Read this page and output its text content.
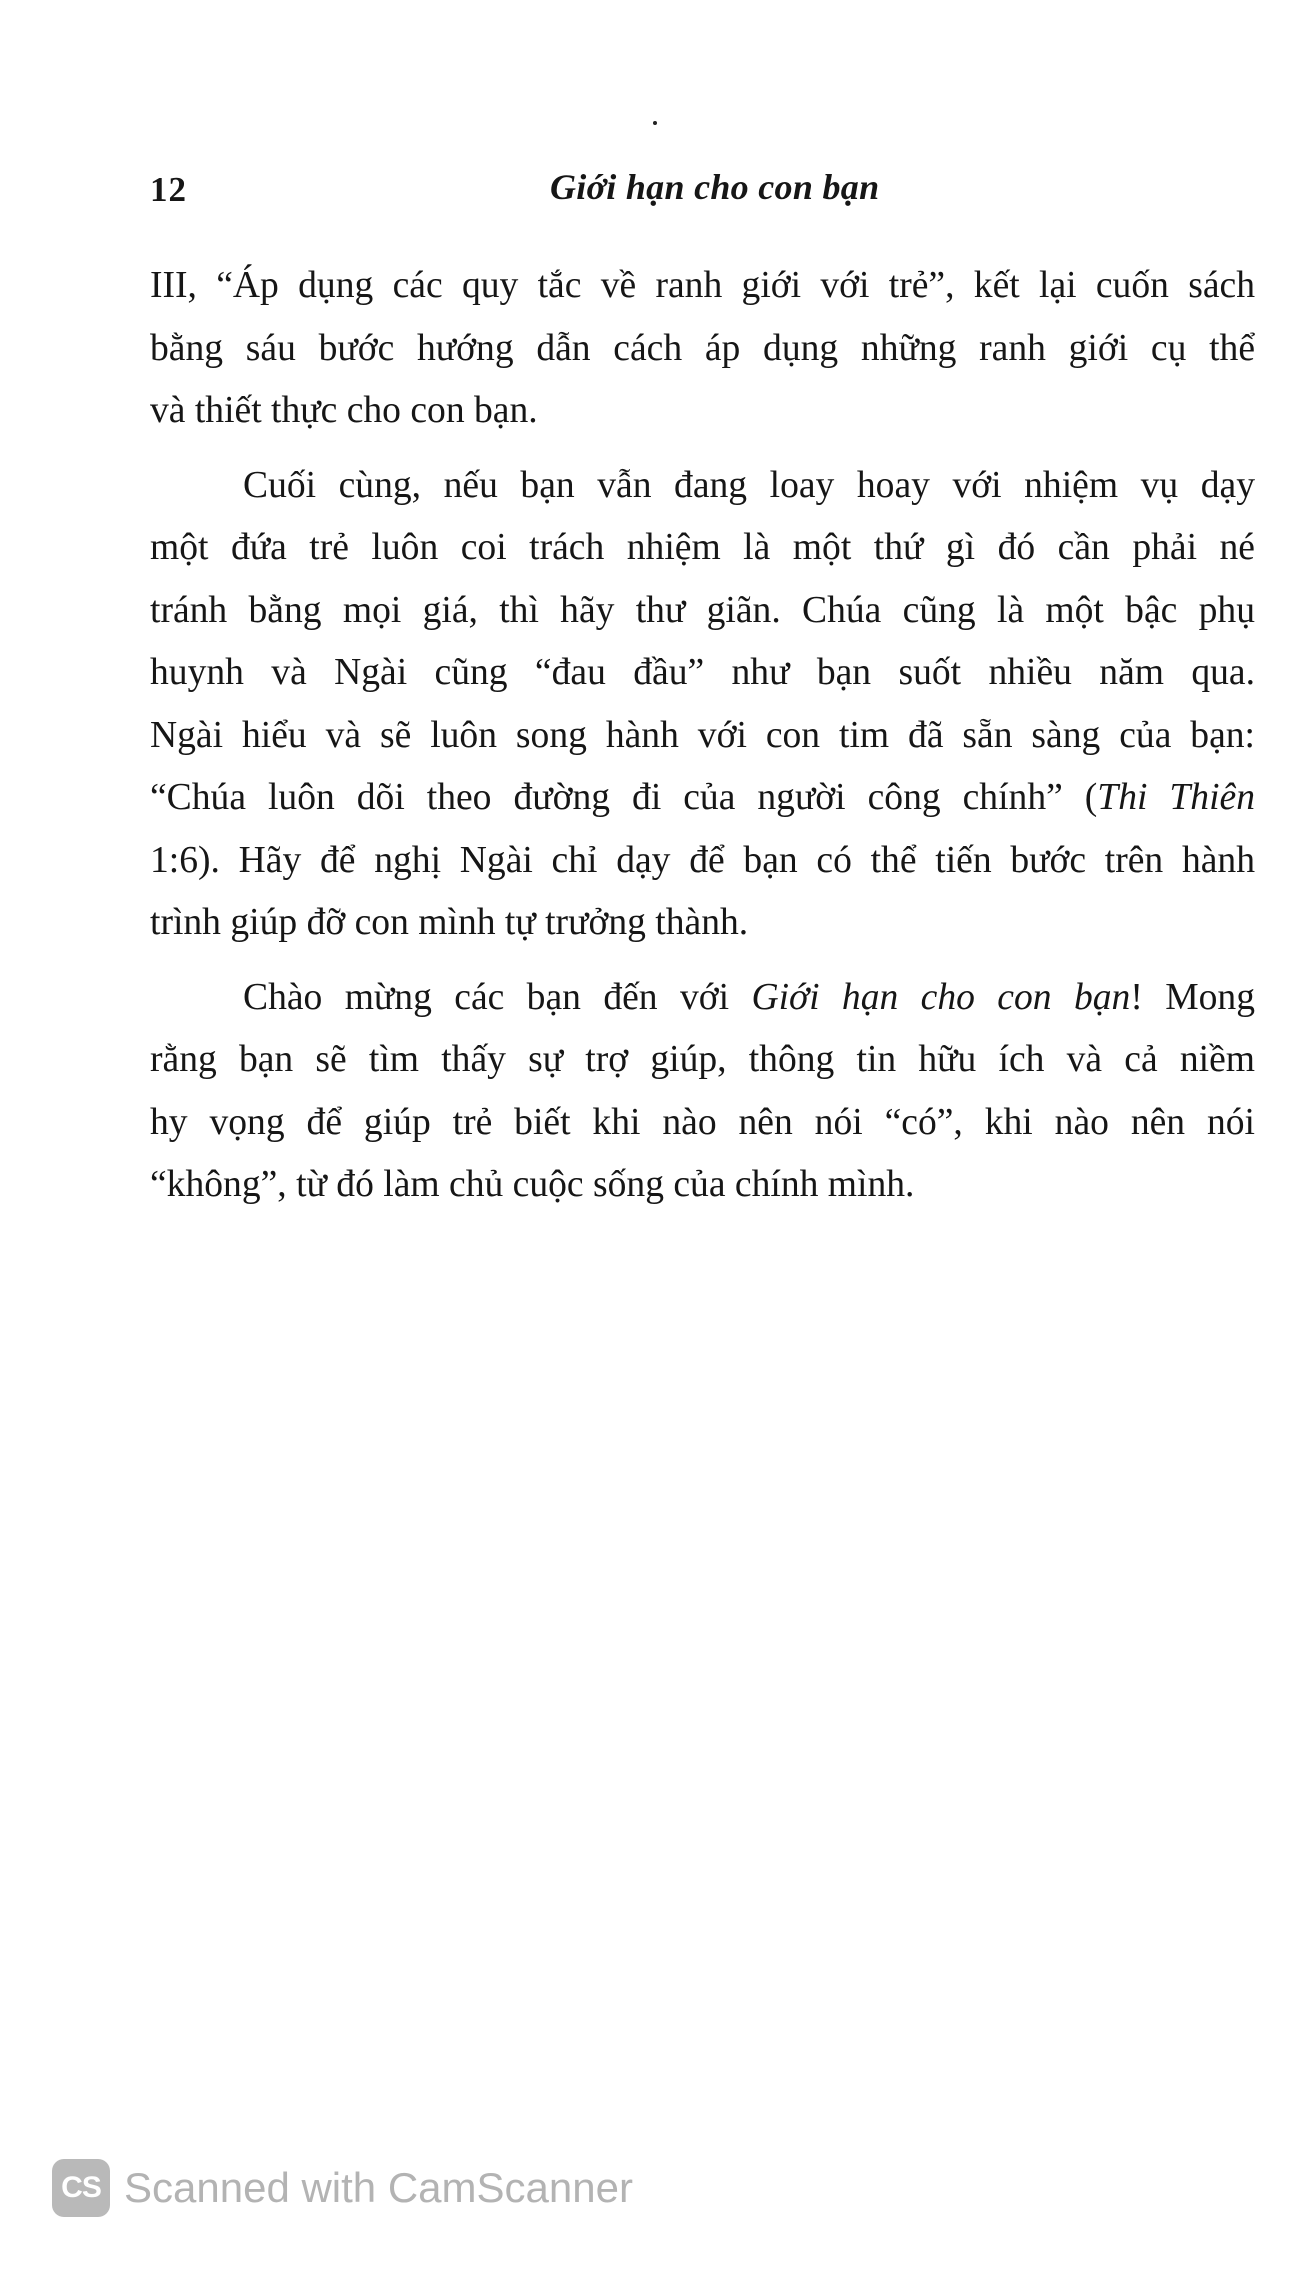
12	Giới hạn cho con bạn

III, “Áp dụng các quy tắc về ranh giới với trẻ”, kết lại cuốn sách
bằng sáu bước hướng dẫn cách áp dụng những ranh giới cụ thể
và thiết thực cho con bạn.

Cuối cùng, nếu bạn vẫn đang loay hoay với nhiệm vụ dạy
một đứa trẻ luôn coi trách nhiệm là một thứ gì đó cần phải né
tránh bằng mọi giá, thì hãy thư giãn. Chúa cũng là một bậc phụ
huynh và Ngài cũng “đau đầu” như bạn suốt nhiều năm qua.
Ngài hiểu và sẽ luôn song hành với con tim đã sẵn sàng của bạn:
“Chúa luôn dõi theo đường đi của người công chính” (Thi Thiên
1:6). Hãy để nghị Ngài chỉ dạy để bạn có thể tiến bước trên hành
trình giúp đỡ con mình tự trưởng thành.

Chào mừng các bạn đến với Giới hạn cho con bạn! Mong
rằng bạn sẽ tìm thấy sự trợ giúp, thông tin hữu ích và cả niềm
hy vọng để giúp trẻ biết khi nào nên nói “có”, khi nào nên nói
“không”, từ đó làm chủ cuộc sống của chính mình.

CS Scanned with CamScanner
